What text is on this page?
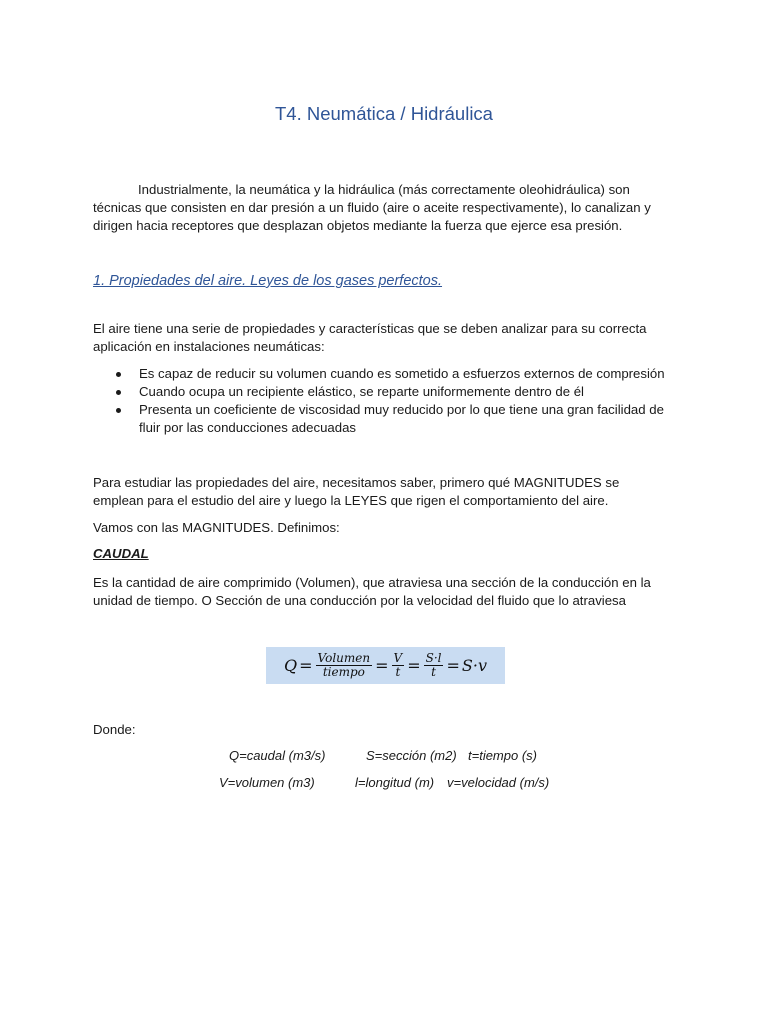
T4. Neumática / Hidráulica

Industrialmente, la neumática y la hidráulica (más correctamente oleohidráulica) son técnicas que consisten en dar presión a un fluido (aire o aceite respectivamente), lo canalizan y dirigen hacia receptores que desplazan objetos mediante la fuerza que ejerce esa presión.

1. Propiedades del aire. Leyes de los gases perfectos.

El aire tiene una serie de propiedades y características que se deben analizar para su correcta aplicación en instalaciones neumáticas:

Es capaz de reducir su volumen cuando es sometido a esfuerzos externos de compresión
Cuando ocupa un recipiente elástico, se reparte uniformemente dentro de él
Presenta un coeficiente de viscosidad muy reducido por lo que tiene una gran facilidad de fluir por las conducciones adecuadas

Para estudiar las propiedades del aire, necesitamos saber, primero qué MAGNITUDES se emplean para el estudio del aire y luego la LEYES que rigen el comportamiento del aire.

Vamos con las MAGNITUDES. Definimos:

CAUDAL

Es la cantidad de aire comprimido (Volumen), que atraviesa una sección de la conducción en la unidad de tiempo. O Sección de una conducción por la velocidad del fluido que lo atraviesa

$Q = \frac{\text{Volumen}}{\text{tiempo}} = \frac{V}{t} = \frac{S\cdot l}{t} = S\cdot v$

Donde:

Q=caudal (m3/s)	S=sección (m2) t=tiempo (s)

V=volumen (m3)	l=longitud (m) v=velocidad (m/s)
